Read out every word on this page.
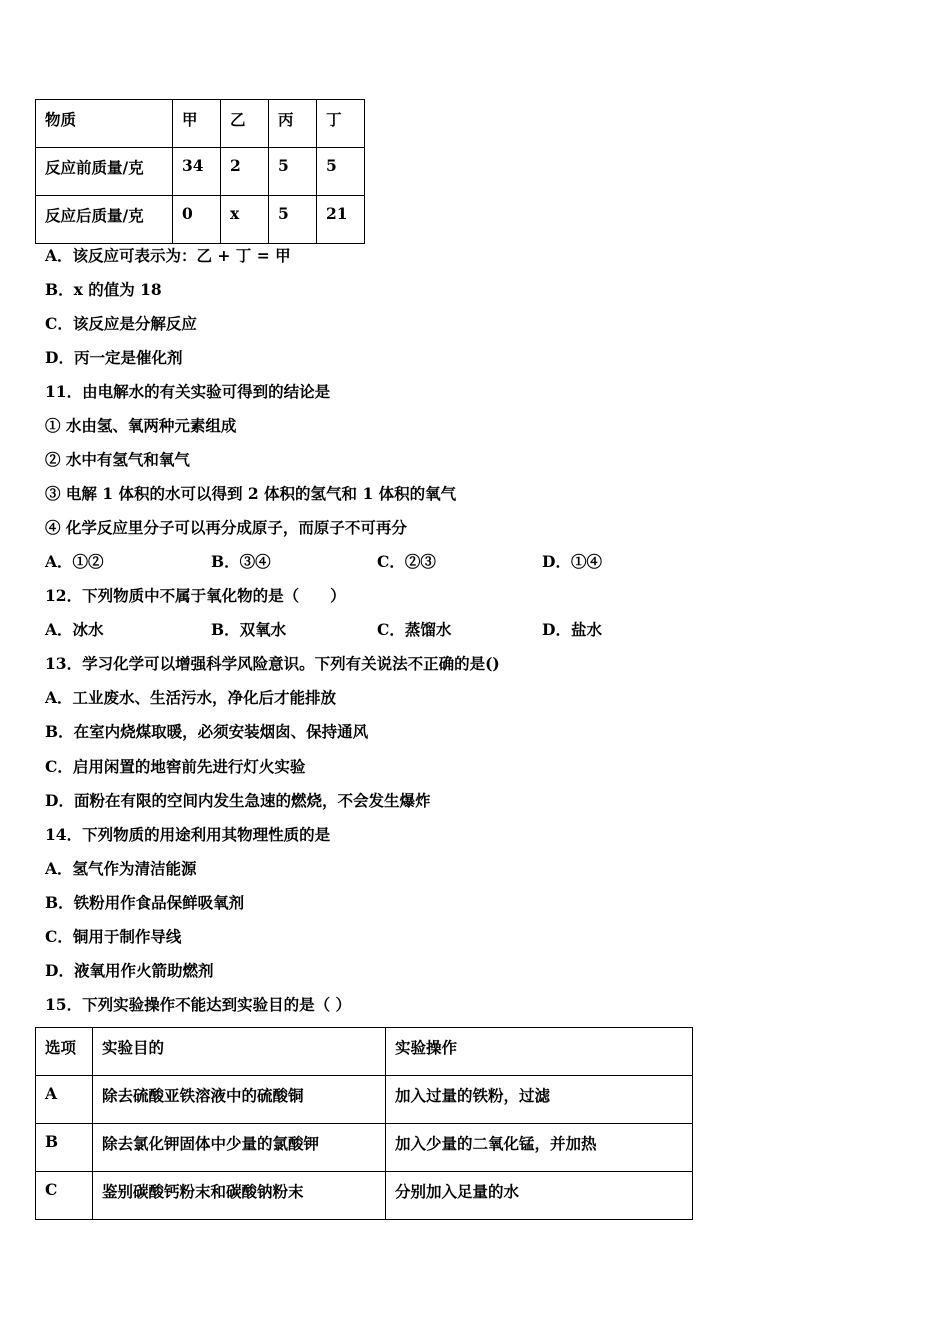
物质	甲	乙	丙	丁
反应前质量/克	34	2	5	5
反应后质量/克	0	x	5	21
A．该反应可表示为：乙 + 丁 = 甲
B．x 的值为 18
C．该反应是分解反应
D．丙一定是催化剂
11．由电解水的有关实验可得到的结论是
① 水由氢、氧两种元素组成
② 水中有氢气和氧气
③ 电解 1 体积的水可以得到 2 体积的氢气和 1 体积的氧气
④ 化学反应里分子可以再分成原子，而原子不可再分
A．①②	B．③④	C．②③	D．①④
12．下列物质中不属于氧化物的是（　　）
A．冰水	B．双氧水	C．蒸馏水	D．盐水
13．学习化学可以增强科学风险意识。下列有关说法不正确的是()
A．工业废水、生活污水，净化后才能排放
B．在室内烧煤取暖，必须安装烟囱、保持通风
C．启用闲置的地窖前先进行灯火实验
D．面粉在有限的空间内发生急速的燃烧，不会发生爆炸
14．下列物质的用途利用其物理性质的是
A．氢气作为清洁能源
B．铁粉用作食品保鲜吸氧剂
C．铜用于制作导线
D．液氧用作火箭助燃剂
15．下列实验操作不能达到实验目的是（ ）
选项	实验目的	实验操作
A	除去硫酸亚铁溶液中的硫酸铜	加入过量的铁粉，过滤
B	除去氯化钾固体中少量的氯酸钾	加入少量的二氧化锰，并加热
C	鉴别碳酸钙粉末和碳酸钠粉末	分别加入足量的水
